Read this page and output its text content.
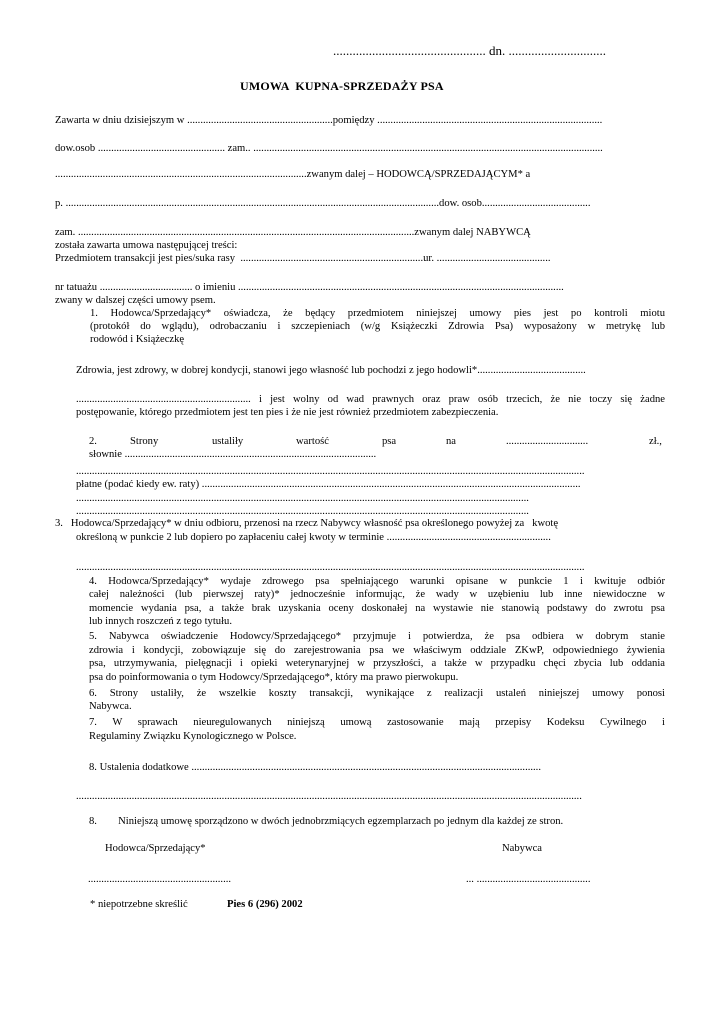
............................................... dn. ..............................
UMOWA  KUPNA-SPRZEDAŻY PSA
Zawarta w dniu dzisiejszym w .......................................................pomiędzy .....................................................................................
dow.osob ................................................ zam.. ....................................................................................................................................
...............................................................................................zwanym dalej – HODOWCĄ/SPRZEDAJĄCYM* a
p. .............................................................................................................................................dow. osob.........................................
zam. ...............................................................................................................................zwanym dalej NABYWCĄ
została zawarta umowa następującej treści:
Przedmiotem transakcji jest pies/suka rasy  .....................................................................ur. ...........................................
nr tatuażu ................................... o imieniu ...........................................................................................................................
zwany w dalszej części umowy psem.
1. Hodowca/Sprzedający* oświadcza, że będący przedmiotem niniejszej umowy pies jest po kontroli miotu
(protokół do wglądu), odrobaczaniu i szczepieniach (w/g Książeczki Zdrowia Psa) wyposażony w metrykę lub
rodowód i Książeczkę
Zdrowia, jest zdrowy, w dobrej kondycji, stanowi jego własność lub pochodzi z jego hodowli*.........................................
.................................................................. i jest wolny od wad prawnych oraz praw osób trzecich, że nie toczy się żadne
postępowanie, którego przedmiotem jest ten pies i że nie jest również przedmiotem zabezpieczenia.
2.	Strony	ustaliły	wartość	psa	na	...............................	zł.,
słownie ...............................................................................................
................................................................................................................................................................................................
płatne (podać kiedy ew. raty) ...............................................................................................................................................
...........................................................................................................................................................................
...........................................................................................................................................................................
3.   Hodowca/Sprzedający* w dniu odbioru, przenosi na rzecz Nabywcy własność psa określonego powyżej za   kwotę
określoną w punkcie 2 lub dopiero po zapłaceniu całej kwoty w terminie ..............................................................
................................................................................................................................................................................................
4. Hodowca/Sprzedający* wydaje zdrowego psa spełniającego warunki opisane w punkcie 1 i kwituje odbiór
całej należności (lub pierwszej raty)* jednocześnie informując, że wady w uzębieniu lub inne niewidoczne w
momencie wydania psa, a także brak uzyskania oceny doskonałej na wystawie nie stanowią podstawy do zwrotu psa
lub innych roszczeń z tego tytułu.
5. Nabywca oświadczenie Hodowcy/Sprzedającego* przyjmuje i potwierdza, że psa odbiera w dobrym stanie
zdrowia i kondycji, zobowiązuje się do zarejestrowania psa we właściwym oddziale ZKwP, odpowiedniego żywienia
psa, utrzymywania, pielęgnacji i opieki weterynaryjnej w przyszłości, a także w przypadku chęci zbycia lub oddania
psa do poinformowania o tym Hodowcy/Sprzedającego*, który ma prawo pierwokupu.
6. Strony ustaliły, że wszelkie koszty transakcji, wynikające z realizacji ustaleń niniejszej umowy ponosi
Nabywca.
7. W sprawach nieuregulowanych niniejszą umową zastosowanie mają przepisy Kodeksu Cywilnego i
Regulaminy Związku Kynologicznego w Polsce.
8. Ustalenia dodatkowe ....................................................................................................................................
...............................................................................................................................................................................................
8.        Niniejszą umowę sporządzono w dwóch jednobrzmiących egzemplarzach po jednym dla każdej ze stron.
Hodowca/Sprzedający*	Nabywca
......................................................	... ...........................................
* niepotrzebne skreślić	Pies 6 (296) 2002
